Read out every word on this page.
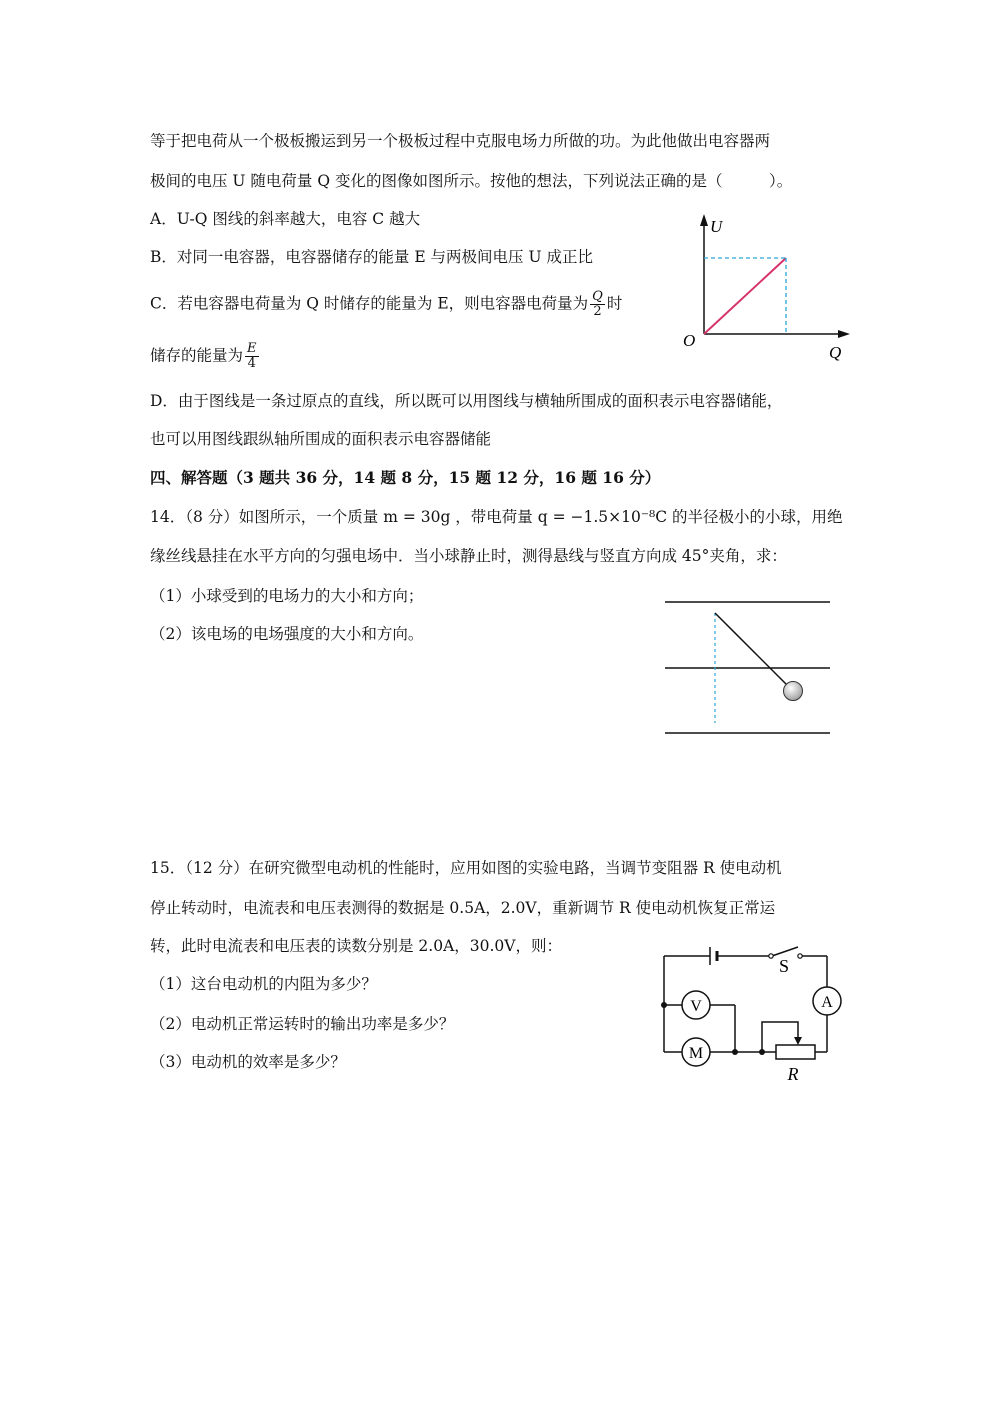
等于把电荷从一个极板搬运到另一个极板过程中克服电场力所做的功。为此他做出电容器两
极间的电压 U 随电荷量 Q 变化的图像如图所示。按他的想法，下列说法正确的是（　　　）。
A．U-Q 图线的斜率越大，电容 C 越大
B．对同一电容器，电容器储存的能量 E 与两极间电压 U 成正比
C．若电容器电荷量为 Q 时储存的能量为 E，则电容器电荷量为 $\frac{Q}{2}$ 时
储存的能量为 $\frac{E}{4}$
D．由于图线是一条过原点的直线，所以既可以用图线与横轴所围成的面积表示电容器储能，
也可以用图线跟纵轴所围成的面积表示电容器储能
U
Q
O
四、解答题（3 题共 36 分，14 题 8 分，15 题 12 分，16 题 16 分）
14．（8 分）如图所示，一个质量 m = 30g ，带电荷量 q = −1.5×10⁻⁸C 的半径极小的小球，用绝
缘丝线悬挂在水平方向的匀强电场中．当小球静止时，测得悬线与竖直方向成 45°夹角，求：
（1）小球受到的电场力的大小和方向；
（2）该电场的电场强度的大小和方向。
15．（12 分）在研究微型电动机的性能时，应用如图的实验电路，当调节变阻器 R 使电动机
停止转动时，电流表和电压表测得的数据是 0.5A，2.0V，重新调节 R 使电动机恢复正常运
转，此时电流表和电压表的读数分别是 2.0A，30.0V，则：
（1）这台电动机的内阻为多少？
（2）电动机正常运转时的输出功率是多少？
（3）电动机的效率是多少？
V	A
M
S
R
